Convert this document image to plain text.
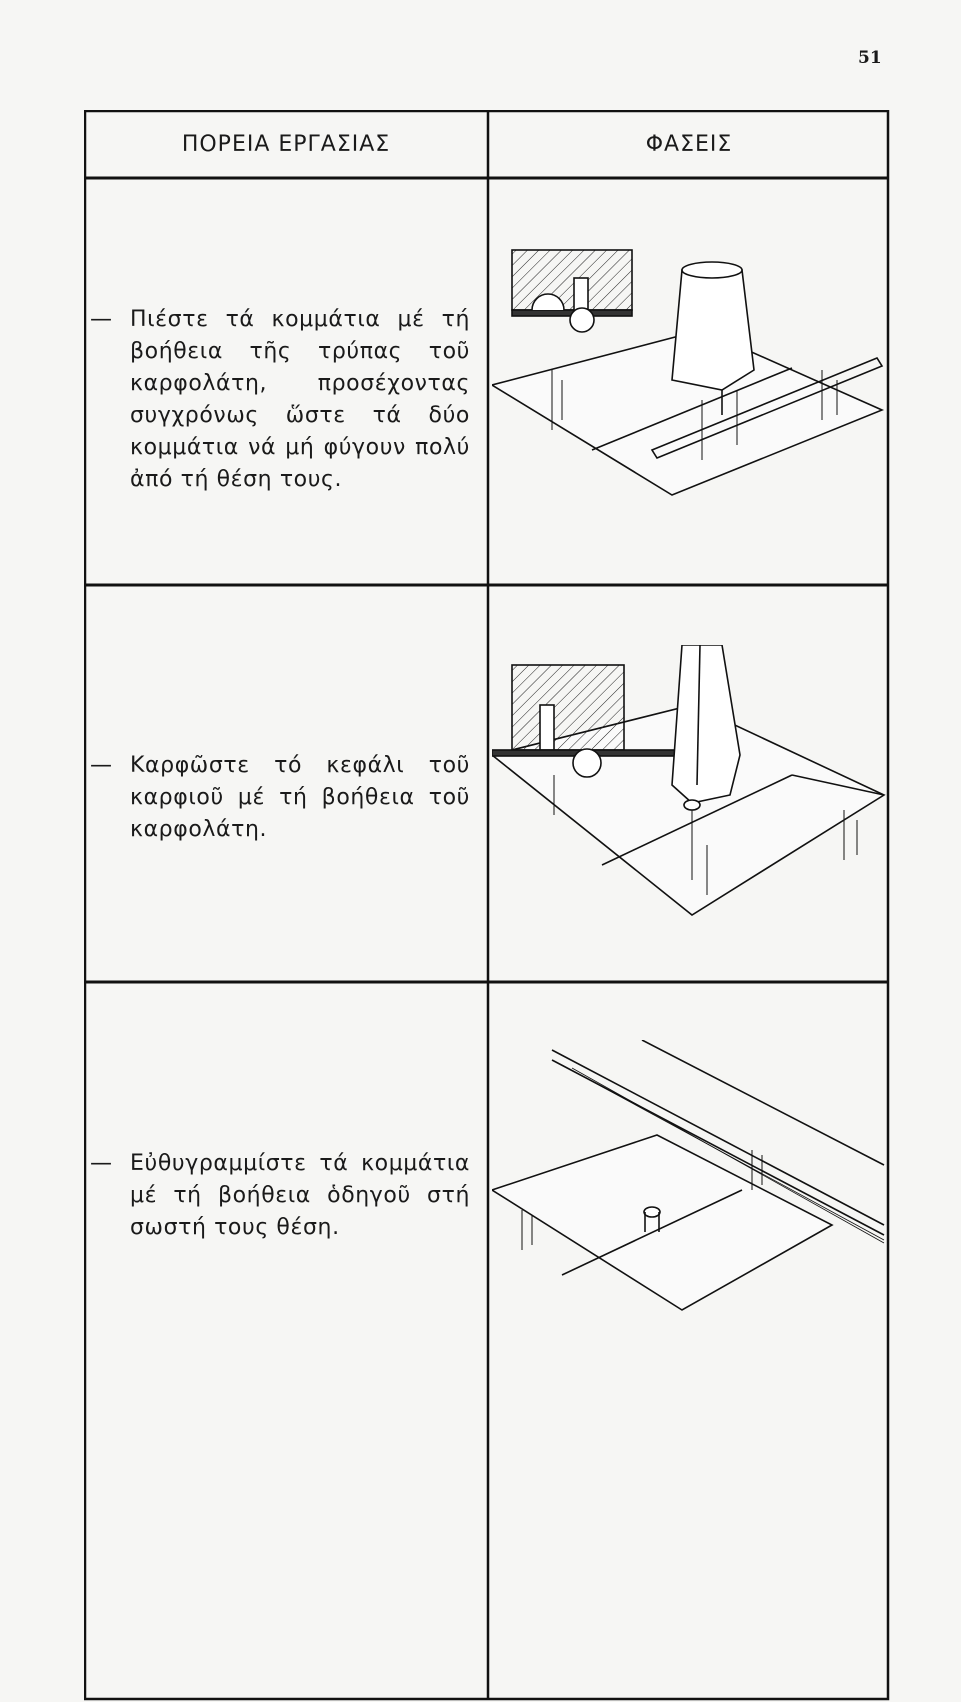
51
ΠΟΡΕΙΑ ΕΡΓΑΣΙΑΣ	ΦΑΣΕΙΣ
— Πιέστε τά κομμάτια μέ τή βοήθεια τῆς τρύπας τοῦ καρφολάτη, προσέχοντας συγχρόνως ὥστε τά δύο κομμάτια νά μή φύγουν πολύ ἀπό τή θέση τους.
— Καρφῶστε τό κεφάλι τοῦ καρφιοῦ μέ τή βοήθεια τοῦ καρφολάτη.
— Εὐθυγραμμίστε τά κομμάτια μέ τή βοήθεια ὁδηγοῦ στή σωστή τους θέση.
